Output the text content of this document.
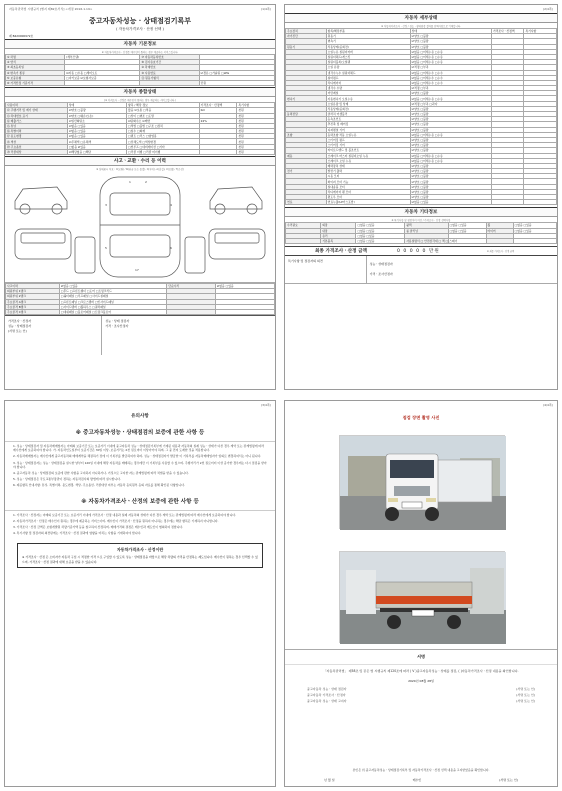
자동차관리법 시행규칙 [별지 제82호서식] <개정 2016.1.19>	(1/4쪽)
중고자동차성능 · 상태점검기록부
( 자동차가격조사 · 산정 선택 )
제 B420000972호
자동차 기본정보
※ 자동차가격조사ㆍ산정은 매수인이 원하는 경우 제공하는 서비스입니다.
① 차명	(세부모델)	⑦ 자동차등록번호	
② 연식		⑧ 검사유효기간	
③ 최초등록일		⑨ 차대번호	
④ 변속기 종류	☑자동 □수동 □세미오토	⑩ 사용연료	☑경유 □가솔린 □LPG
⑤ 보증유형	□자가보증 ☑보험사보증	⑪ 원동기형식	
⑥ 가격산정 기준가격			만원
자동차 종합상태
(※ 가격조사ㆍ산정은 매수인이 원하는 경우 제공하는 서비스입니다.)
사용이력	상태	항목 / 해당 정보	가격조사ㆍ산정액	특기사항
⑫ 주행거리 및 계기 상태	☑양호 □불량	많음 ☑보통 □적음	Km	천원
⑬ 차대번호 표기	☑양호 □훼손(오손)	□상이 □변조 □도말		천원
⑭ 배출가스	☑일산화탄소	☑탄화수소 ☑매연	24%	천원
⑮ 튜닝	☑없음 □있음	□적법 □불법 □구조 □장치		천원
⑯ 특별이력	☑없음 □있음	□침수 □화재		천원
⑰ 용도변경	☑없음 □있음	□렌트 □리스 □영업용		천원
⑱ 색상	☑무채색 □유채색	□전체도색 □색상변경		천원
⑲ 주요옵션	□없음 ☑있음	□썬루프 □네비게이션 □기타		천원
⑳ 리콜대상	☑해당없음 □해당	□리콜 이행 □리콜 미이행		천원
사고ㆍ교환ㆍ수리 등 이력
※ 상태표시 부호 : X(교환), W(판금 또는 용접), C(부식), A(흠집), U(요철), T(손상)
1	2
3	4
5	6
17
사고이력	☑없음 □있음	단순수리	☑없음 □있음
외판부위 1랭크	□후드 □프론트휀더 □도어 □트렁크리드		
외판부위 2랭크	□쿼터패널 □루프패널 □사이드실패널		
주요골격 A랭크	□프론트패널 □크로스멤버 □인사이드패널		
주요골격 B랭크	□사이드멤버 □휠하우스 □필러패널		
주요골격 C랭크	□대쉬패널 □플로어패널 □트렁크플로어		
가격조사ㆍ산정자
성능ㆍ상태점검자
(서명 또는 인)
성능ㆍ상태 점검자
가격ㆍ조사산정자
(2/4쪽)
자동차 세부상태
※ 자동차가격조사ㆍ산정 / 성능ㆍ상태점검 결과를 선택사항으로 기재합니다.
주요장치	항목/해당부품	상태	가격조사ㆍ산정액	특기사항
자기진단	원동기	☑양호 □불량		
	변속기	☑양호 □불량		
원동기	작동상태(공회전)	☑양호 □불량		
	오일누유 실린더커버	☑없음 □미세누유 □누유		
	실린더헤드/개스킷	☑없음 □미세누유 □누유		
	실린더블록/오일팬	☑없음 □미세누유 □누유		
	오일 유량	☑적정 □부족		
	냉각수누수 실린더헤드	☑없음 □미세누수 □누수		
	워터펌프	☑없음 □미세누수 □누수		
	라디에이터	☑없음 □미세누수 □누수		
	냉각수 수량	☑적정 □부족		
	커먼레일	☑양호 □불량		
변속기	자동변속기 오일누유	☑없음 □미세누유 □누유		
	오일유량 및 상태	☑적정 □부족 □과다		
	작동상태(공회전)	☑양호 □불량		
동력전달	클러치 어셈블리	☑양호 □불량		
	등속조인트	☑양호 □불량		
	추진축 및 베어링	☑양호 □불량		
	디퍼렌셜 기어	☑양호 □불량		
조향	동력조향 작동 오일누유	☑없음 □미세누유 □누유		
	스티어링 펌프	☑양호 □불량		
	스티어링 기어	☑양호 □불량		
	타이로드엔드 및 볼조인트	☑양호 □불량		
제동	브레이크 마스터 실린더오일 누유	☑없음 □미세누유 □누유		
	브레이크 오일 누유	☑없음 □미세누유 □누유		
	배력장치 상태	☑양호 □불량		
전기	발전기 출력	☑양호 □불량		
	시동 모터	☑양호 □불량		
	와이퍼 모터 기능	☑양호 □불량		
	실내송풍 모터	☑양호 □불량		
	라디에이터 팬 모터	☑양호 □불량		
	윈도우 모터	☑양호 □불량		
연료	연료누출(LP가스포함)	☑없음 □있음		
자동차 기타정보
※ 특기사항 및 점검자의 의견 / 가격조사ㆍ산정 선택사항
수리필요	외장	□없음 □있음	광택	□없음 □있음	휠	□없음 □있음
	내장	□없음 □있음	룸 클리닝	□없음 □있음	타이어	□없음 □있음
	유리	□없음 □있음				
	기본품목	□없음 □있음	사용설명서 □ 안전삼각대 □ 잭 □ 스패너			
최종 가격조사ㆍ산정 금액	0 0 0 0 0 만원	※ 최종 가격조사ㆍ산정 금액
특기사항 및 점검자의 의견
성능ㆍ상태점검자
가격ㆍ조사산정자
(3/4쪽)
유의사항
※ 중고자동차성능ㆍ상태점검의 보증에 관한 사항 등

1. 성능ㆍ상태점검자 및 자동차매매업자는 아래의 보증기간 또는 보증거리 이내에 중고자동차 성능ㆍ상태점검기록부에 기재된 내용과 자동차의 실제 성능ㆍ상태가 다른 경우 계약 또는 관계법령에 따라 매수인에게 보증하여야 합니다. 가. 자동차인도일부터 보증기간은 30일 이상, 보증거리는 2천 킬로미터 이상이어야 하며, 그 중 먼저 도래한 것을 적용합니다.

2. 자동차매매업자는 매수인에게 중고자동차의 매매계약을 체결하기 전에 이 기록부를 발급하여야 하며, 성능ㆍ상태점검자가 발급한 이 기록부를 자동차매매업자가 임의로 변경하여서는 아니 됩니다.

3. 성능ㆍ상태점검자는 성능ㆍ상태점검을 실시한 날부터 120일 이내에 해당 자동차를 매매하는 경우에만 이 기록부를 사용할 수 있으며, 주행거리가 2천 킬로미터 이상 증가한 경우에는 다시 점검을 받아야 합니다.

4. 중고자동차 성능ㆍ상태점검의 보증에 관한 사항을 고지하지 아니하거나, 거짓으로 고지한 자는 관계법령에 따라 처벌을 받을 수 있습니다.

5. 성능ㆍ상태점검은 국토교통부장관이 정하는 자동차검사의 방법에 따라 실시합니다.

6. 제공항목 안내사항: 튜닝, 특별이력, 용도변경, 색상, 주요옵션, 리콜대상 여부는 자동차 등록원부 등의 자료를 통해 확인된 사항입니다.

※ 자동차가격조사ㆍ산정의 보증에 관한 사항 등

1. 가격조사ㆍ산정자는 아래의 보증기간 또는 보증거리 이내에 가격조사ㆍ산정 내용과 실제 자동차의 상태가 다른 경우 계약 또는 관계법령에 따라 매수인에게 보증하여야 합니다.

2. 자동차가격조사ㆍ산정은 매수인이 원하는 경우에 제공하는 서비스이며, 매수인이 가격조사ㆍ산정을 원하지 아니하는 경우에는 해당 항목은 기재하지 아니합니다.

3. 가격조사ㆍ산정 금액은 보험개발원 차량기준가액 등을 참고하여 산정하며, 매매가격의 결정은 매수인과 매도인이 협의하여 정합니다.

4. 특기사항 및 점검자의 의견란에는 가격조사ㆍ산정 결과에 영향을 미치는 사항을 기재하여야 합니다.

자동차가격조사ㆍ산정이란
※ 가격조사ㆍ산정 은 소비자가 자동차 구입 시 적정한 가격 으로 구입할 수 있도록 성능ㆍ상태점검을 바탕으로 해당 차량의 가격을 산정하는 제도입니다. 매수인이 원하는 경우 선택할 수 있으며, 가격조사ㆍ산정 결과에 대해 보증을 받을 수 있습니다.
(4/4쪽)
점검 장면 촬영 사진
서명
「자동차관리법」 제58조 및 같은 법 시행규칙 제120조에 따라 ( V )중고자동차성능ㆍ상태를 점검, ( )자동차가격조사ㆍ산정 내용을 확인합니다.
2020년 08월 28일
중고자동차 성능ㆍ상태 점검자	(서명 또는 인)
중고자동차 가격조사ㆍ산정자	(서명 또는 인)
중고자동차 성능ㆍ상태 고지자	(서명 또는 인)
본인은 위 중고자동차성능ㆍ상태점검기록부 및 자동차가격조사ㆍ산정 선택 내용을 고지받았음을 확인합니다.
년 월 일	매수인	(서명 또는 인)
